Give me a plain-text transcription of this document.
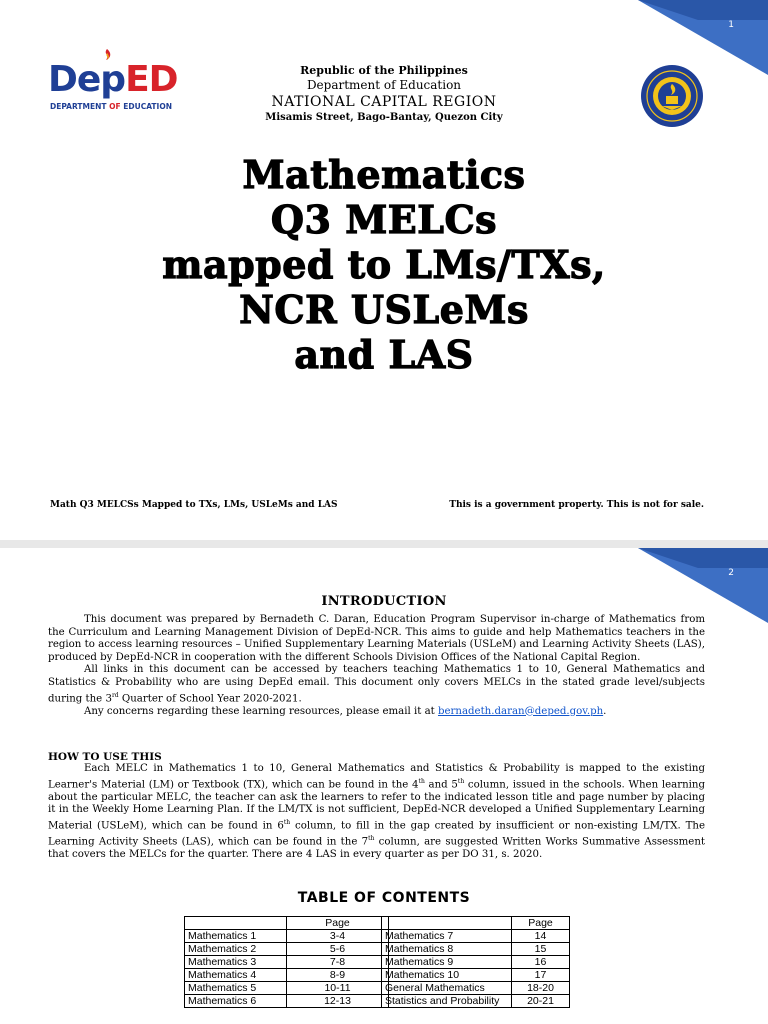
1
DepED
DEPARTMENT OF EDUCATION
Republic of the Philippines
Department of Education
NATIONAL CAPITAL REGION
Misamis Street, Bago-Bantay, Quezon City
Mathematics
Q3 MELCs
mapped to LMs/TXs,
NCR USLeMs
and LAS
Math Q3 MELCSs Mapped to TXs, LMs, USLeMs and LAS	This is a government property. This is not for sale.
2
INTRODUCTION

This document was prepared by Bernadeth C. Daran, Education Program Supervisor in-charge of Mathematics from the Curriculum and Learning Management Division of DepEd-NCR. This aims to guide and help Mathematics teachers in the region to access learning resources – Unified Supplementary Learning Materials (USLeM) and Learning Activity Sheets (LAS), produced by DepEd-NCR in cooperation with the different Schools Division Offices of the National Capital Region.

All links in this document can be accessed by teachers teaching Mathematics 1 to 10, General Mathematics and Statistics & Probability who are using DepEd email. This document only covers MELCs in the stated grade level/subjects during the 3rd Quarter of School Year 2020-2021.

Any concerns regarding these learning resources, please email it at bernadeth.daran@deped.gov.ph.

HOW TO USE THIS

Each MELC in Mathematics 1 to 10, General Mathematics and Statistics & Probability is mapped to the existing Learner's Material (LM) or Textbook (TX), which can be found in the 4th and 5th column, issued in the schools. When learning about the particular MELC, the teacher can ask the learners to refer to the indicated lesson title and page number by placing it in the Weekly Home Learning Plan. If the LM/TX is not sufficient, DepEd-NCR developed a Unified Supplementary Learning Material (USLeM), which can be found in 6th column, to fill in the gap created by insufficient or non-existing LM/TX. The Learning Activity Sheets (LAS), which can be found in the 7th column, are suggested Written Works Summative Assessment that covers the MELCs for the quarter. There are 4 LAS in every quarter as per DO 31, s. 2020.

TABLE OF CONTENTS
	Page
Mathematics 1	3-4
Mathematics 2	5-6
Mathematics 3	7-8
Mathematics 4	8-9
Mathematics 5	10-11
Mathematics 6	12-13
	Page
Mathematics 7	14
Mathematics 8	15
Mathematics 9	16
Mathematics 10	17
General Mathematics	18-20
Statistics and Probability	20-21
